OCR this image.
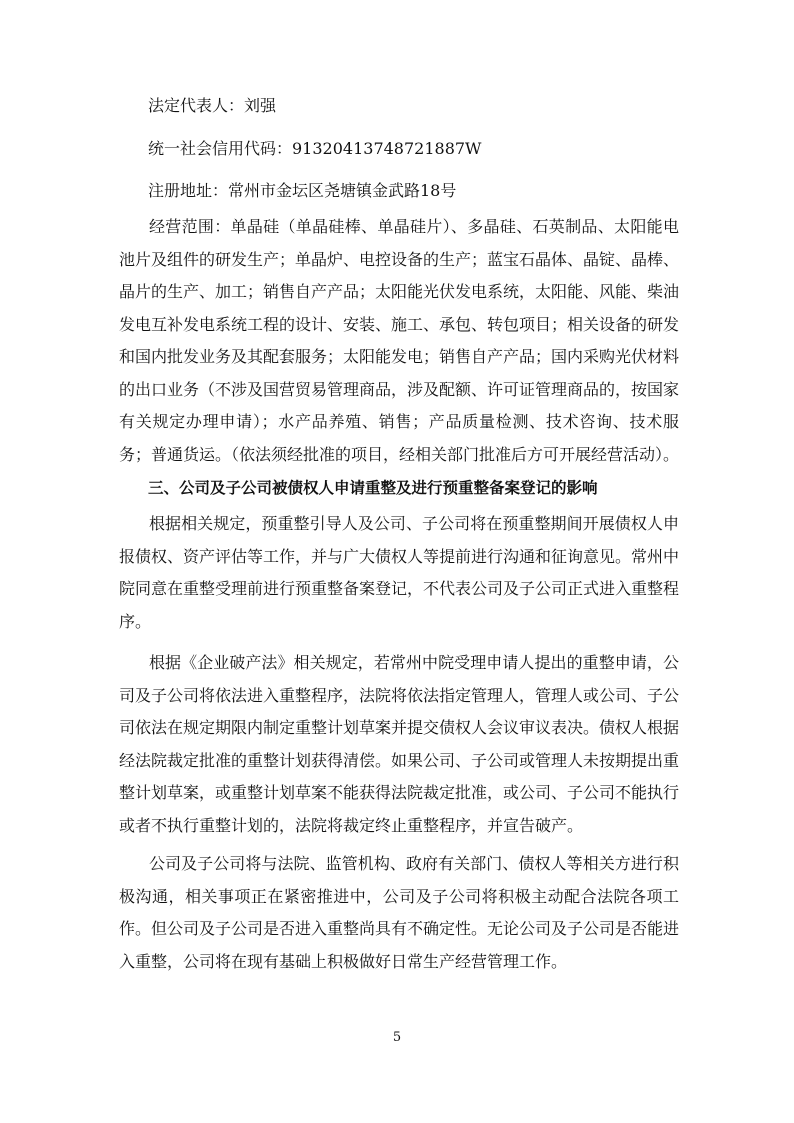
法定代表人：刘强

统一社会信用代码：91320413748721887W

注册地址：常州市金坛区尧塘镇金武路18号

经营范围：单晶硅（单晶硅棒、单晶硅片）、多晶硅、石英制品、太阳能电池片及组件的研发生产；单晶炉、电控设备的生产；蓝宝石晶体、晶锭、晶棒、晶片的生产、加工；销售自产产品；太阳能光伏发电系统，太阳能、风能、柴油发电互补发电系统工程的设计、安装、施工、承包、转包项目；相关设备的研发和国内批发业务及其配套服务；太阳能发电；销售自产产品；国内采购光伏材料的出口业务（不涉及国营贸易管理商品，涉及配额、许可证管理商品的，按国家有关规定办理申请）；水产品养殖、销售；产品质量检测、技术咨询、技术服务；普通货运。（依法须经批准的项目，经相关部门批准后方可开展经营活动）。

三、公司及子公司被债权人申请重整及进行预重整备案登记的影响

根据相关规定，预重整引导人及公司、子公司将在预重整期间开展债权人申报债权、资产评估等工作，并与广大债权人等提前进行沟通和征询意见。常州中院同意在重整受理前进行预重整备案登记，不代表公司及子公司正式进入重整程序。

根据《企业破产法》相关规定，若常州中院受理申请人提出的重整申请，公司及子公司将依法进入重整程序，法院将依法指定管理人，管理人或公司、子公司依法在规定期限内制定重整计划草案并提交债权人会议审议表决。债权人根据经法院裁定批准的重整计划获得清偿。如果公司、子公司或管理人未按期提出重整计划草案，或重整计划草案不能获得法院裁定批准，或公司、子公司不能执行或者不执行重整计划的，法院将裁定终止重整程序，并宣告破产。

公司及子公司将与法院、监管机构、政府有关部门、债权人等相关方进行积极沟通，相关事项正在紧密推进中，公司及子公司将积极主动配合法院各项工作。但公司及子公司是否进入重整尚具有不确定性。无论公司及子公司是否能进入重整，公司将在现有基础上积极做好日常生产经营管理工作。

5
